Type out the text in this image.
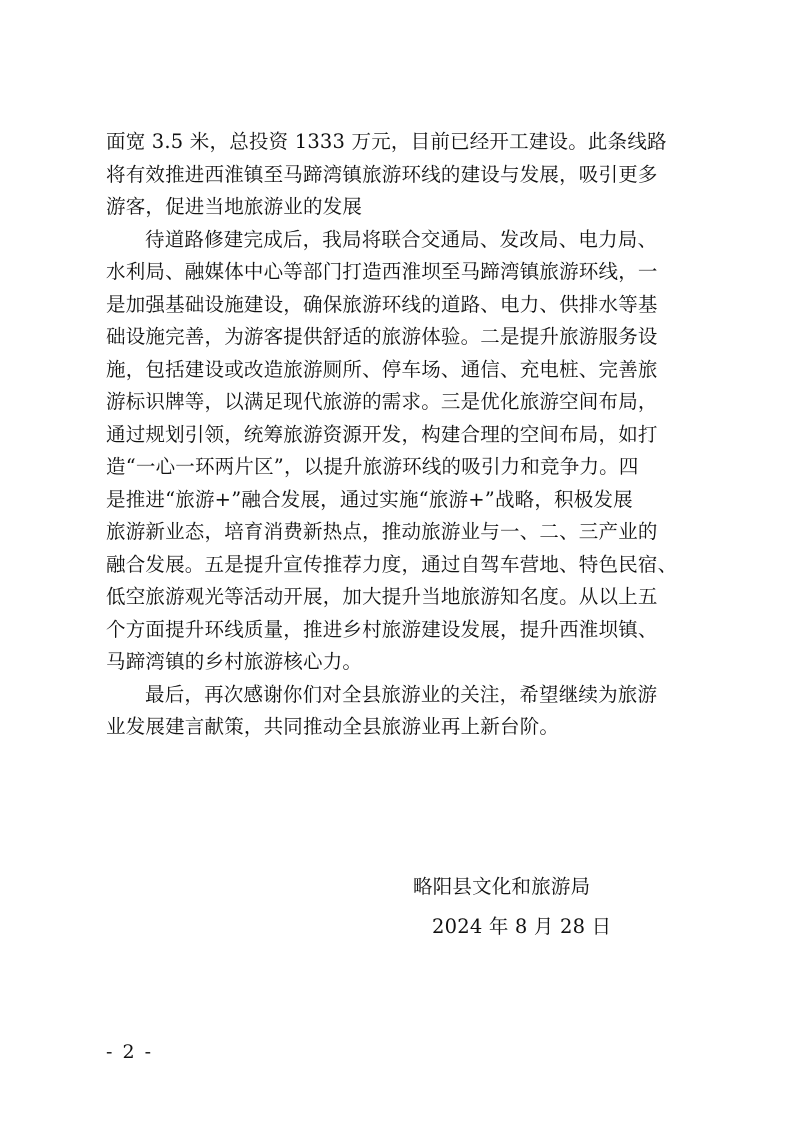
面宽 3.5 米，总投资 1333 万元，目前已经开工建设。此条线路
将有效推进西淮镇至马蹄湾镇旅游环线的建设与发展，吸引更多
游客，促进当地旅游业的发展
待道路修建完成后，我局将联合交通局、发改局、电力局、
水利局、融媒体中心等部门打造西淮坝至马蹄湾镇旅游环线，一
是加强基础设施建设，确保旅游环线的道路、电力、供排水等基
础设施完善，为游客提供舒适的旅游体验。二是提升旅游服务设
施，包括建设或改造旅游厕所、停车场、通信、充电桩、完善旅
游标识牌等，以满足现代旅游的需求。三是优化旅游空间布局，
通过规划引领，统筹旅游资源开发，构建合理的空间布局，如打
造“一心一环两片区”，以提升旅游环线的吸引力和竞争力。四
是推进“旅游+”融合发展，通过实施“旅游+”战略，积极发展
旅游新业态，培育消费新热点，推动旅游业与一、二、三产业的
融合发展。五是提升宣传推荐力度，通过自驾车营地、特色民宿、
低空旅游观光等活动开展，加大提升当地旅游知名度。从以上五
个方面提升环线质量，推进乡村旅游建设发展，提升西淮坝镇、
马蹄湾镇的乡村旅游核心力。
最后，再次感谢你们对全县旅游业的关注，希望继续为旅游
业发展建言献策，共同推动全县旅游业再上新台阶。
略阳县文化和旅游局
2024 年 8 月 28 日
- 2 -
